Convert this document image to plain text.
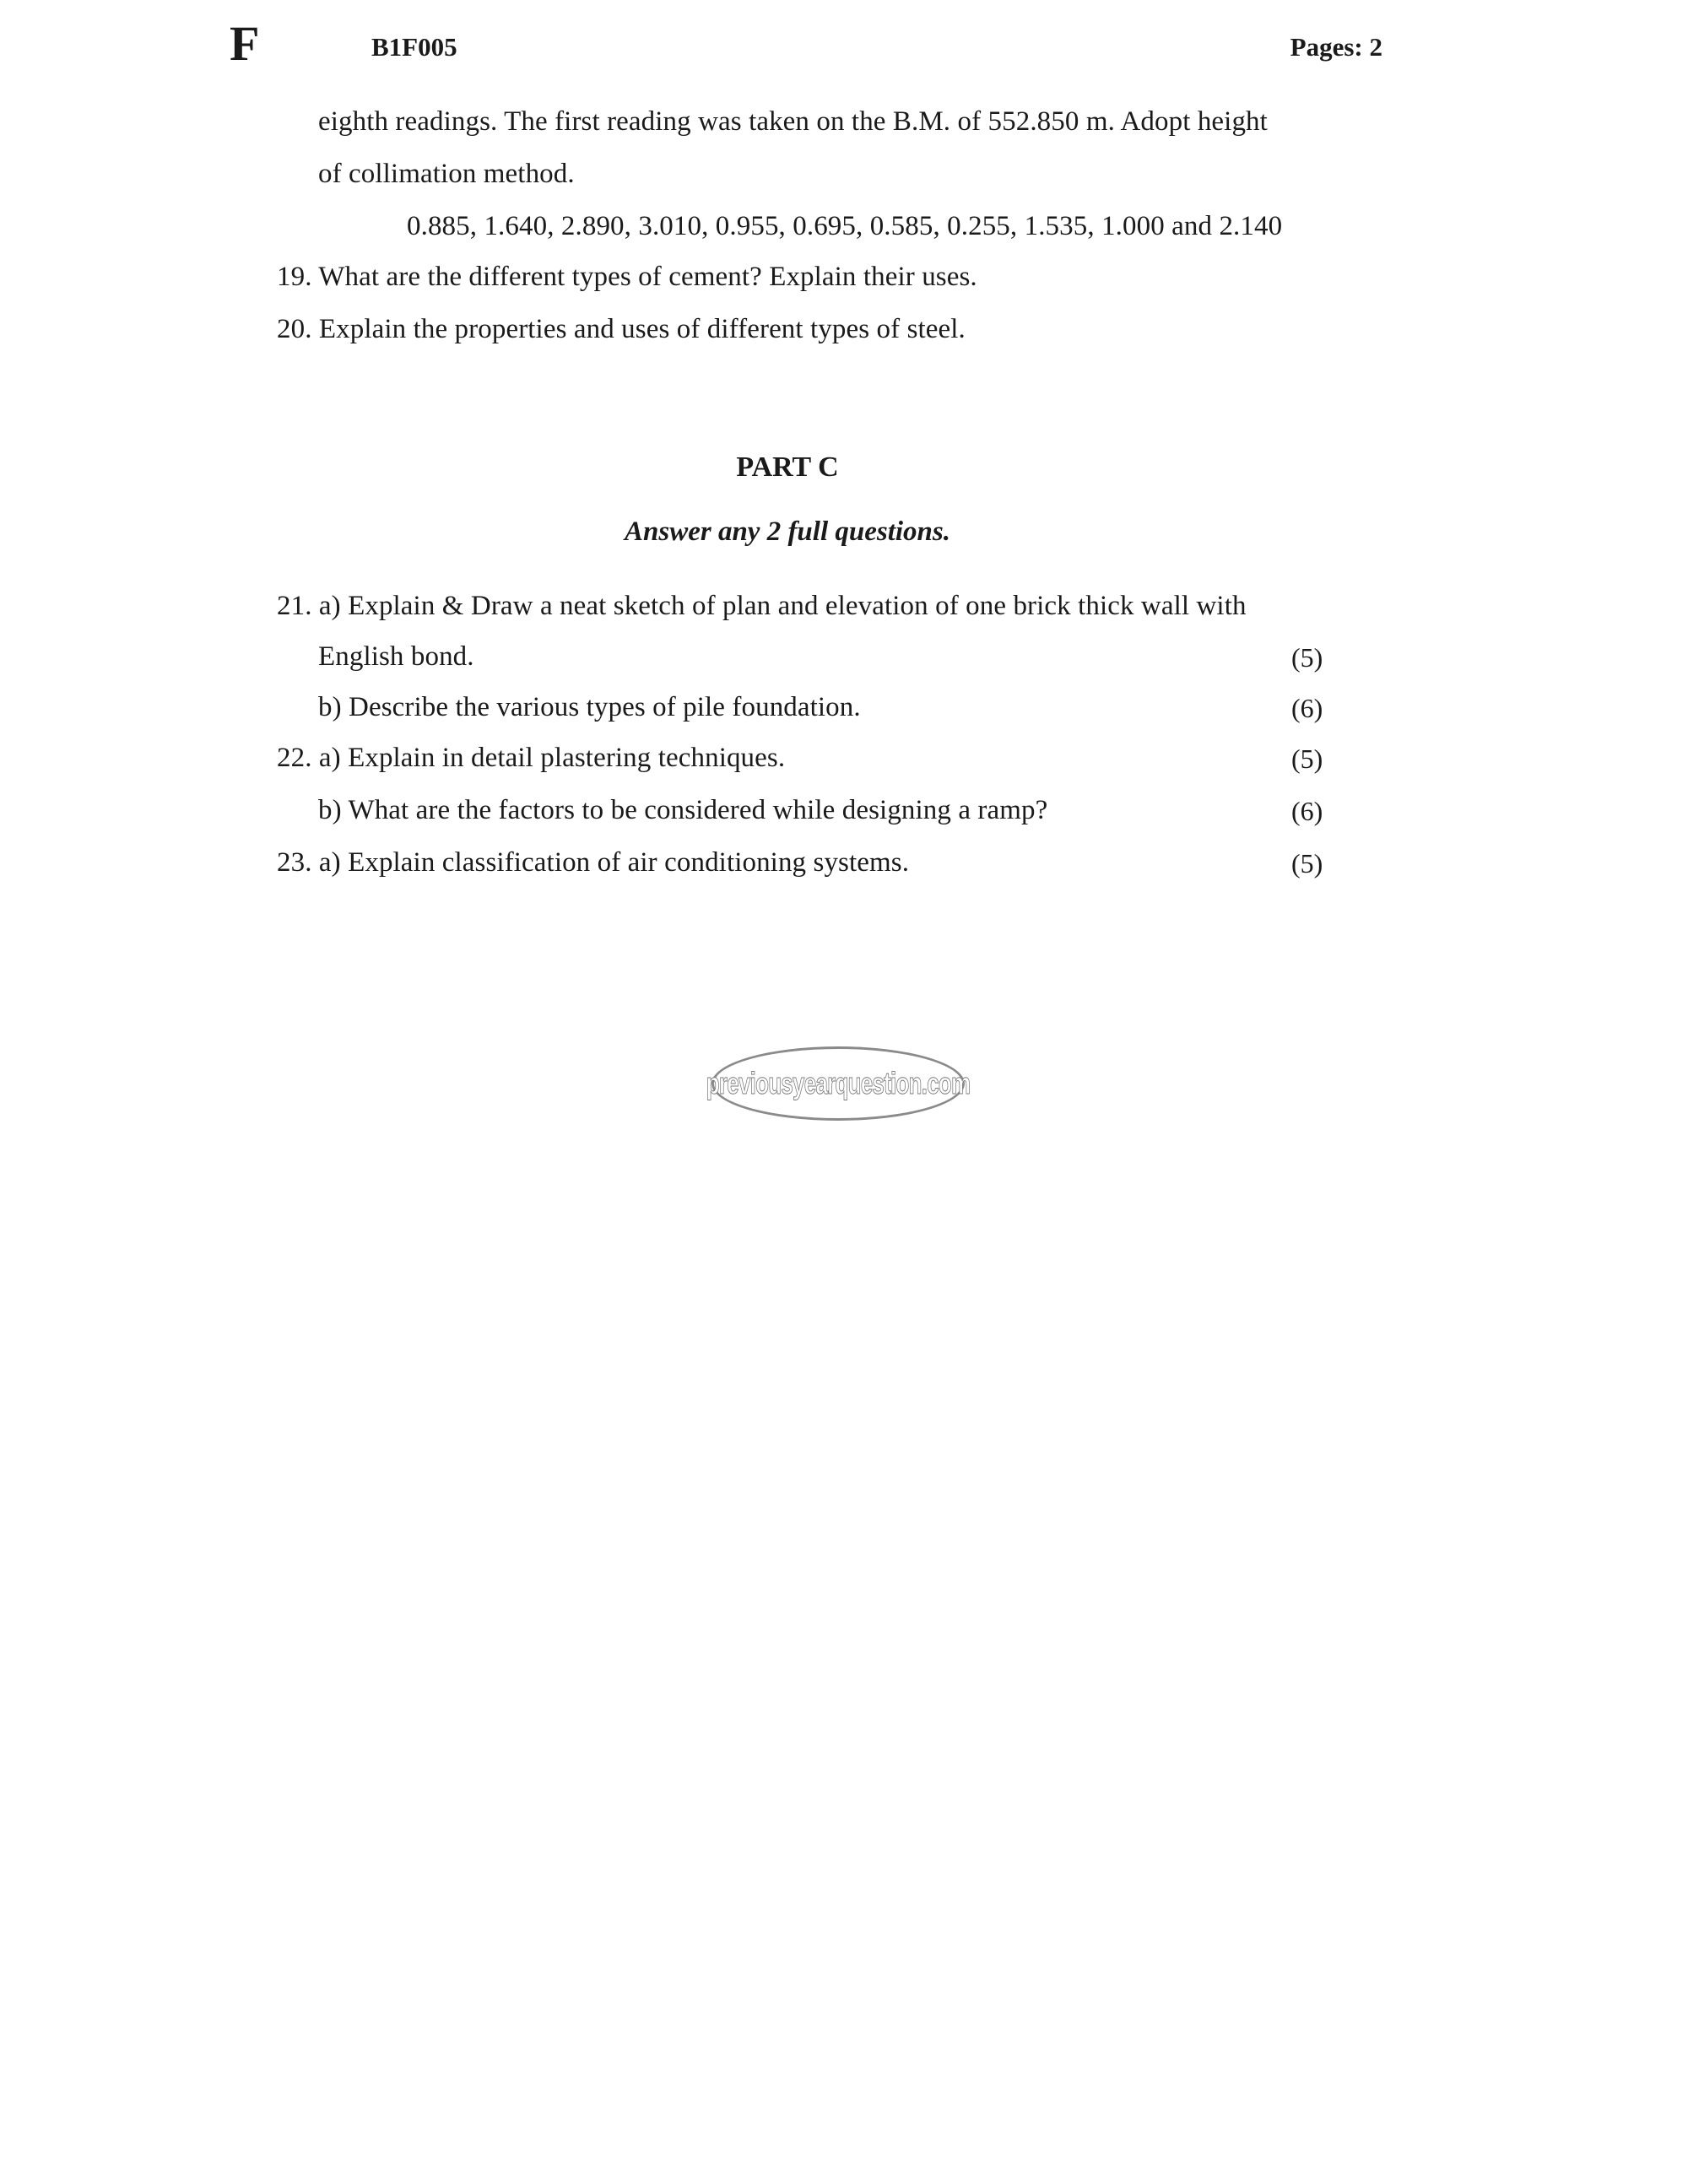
F	B1F005	Pages: 2
eighth readings. The first reading was taken on the B.M. of 552.850 m. Adopt height
of collimation method.
0.885, 1.640, 2.890, 3.010, 0.955, 0.695, 0.585, 0.255, 1.535, 1.000 and 2.140
19. What are the different types of cement? Explain their uses.
20. Explain the properties and uses of different types of steel.
PART C
Answer any 2 full questions.
21. a) Explain & Draw a neat sketch of plan and elevation of one brick thick wall with
English bond.	(5)
b) Describe the various types of pile foundation.	(6)
22. a) Explain in detail plastering techniques.	(5)
b) What are the factors to be considered while designing a ramp?	(6)
23. a) Explain classification of air conditioning systems.	(5)
previousyearquestion.com
